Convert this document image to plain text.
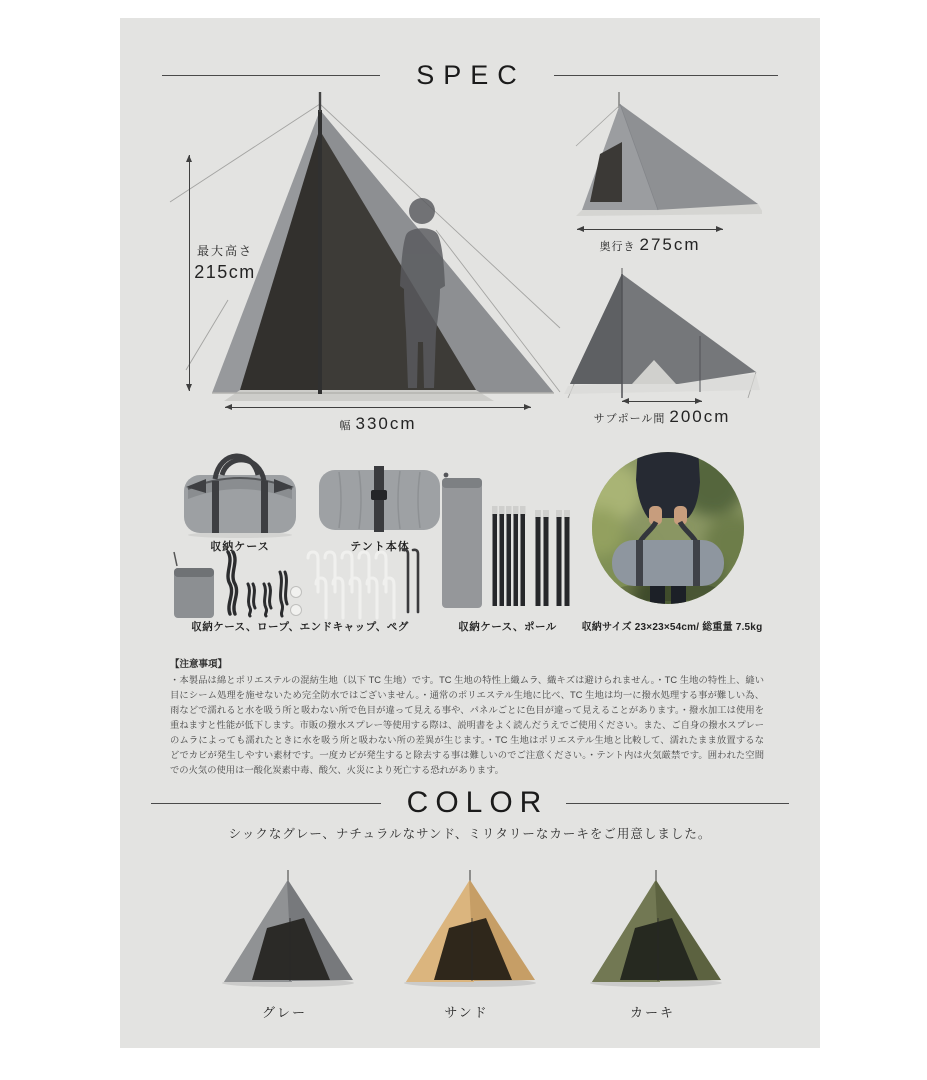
SPEC
最大高さ
215cm
幅 330cm
奥行き 275cm
サブポール間 200cm
収納ケース	テント本体
収納ケース、ロープ、エンドキャップ、ペグ	収納ケース、ポール	収納サイズ 23×23×54cm/ 総重量 7.5kg
【注意事項】
・本製品は綿とポリエステルの混紡生地（以下 TC 生地）です。TC 生地の特性上織ムラ、織キズは避けられません。・TC 生地の特性上、縫い目にシーム処理を施せないため完全防水ではございません。・通常のポリエステル生地に比べ、TC 生地は均一に撥水処理する事が難しい為、雨などで濡れると水を吸う所と吸わない所で色目が違って見える事や、パネルごとに色目が違って見えることがあります。・撥水加工は使用を重ねますと性能が低下します。市販の撥水スプレー等使用する際は、説明書をよく読んだうえでご使用ください。また、ご自身の撥水スプレーのムラによっても濡れたときに水を吸う所と吸わない所の差異が生じます。・TC 生地はポリエステル生地と比較して、濡れたまま放置するなどでカビが発生しやすい素材です。一度カビが発生すると除去する事は難しいのでご注意ください。・テント内は火気厳禁です。囲われた空間での火気の使用は一酸化炭素中毒、酸欠、火災により死亡する恐れがあります。
COLOR
シックなグレー、ナチュラルなサンド、ミリタリーなカーキをご用意しました。
グレー	サンド	カーキ
